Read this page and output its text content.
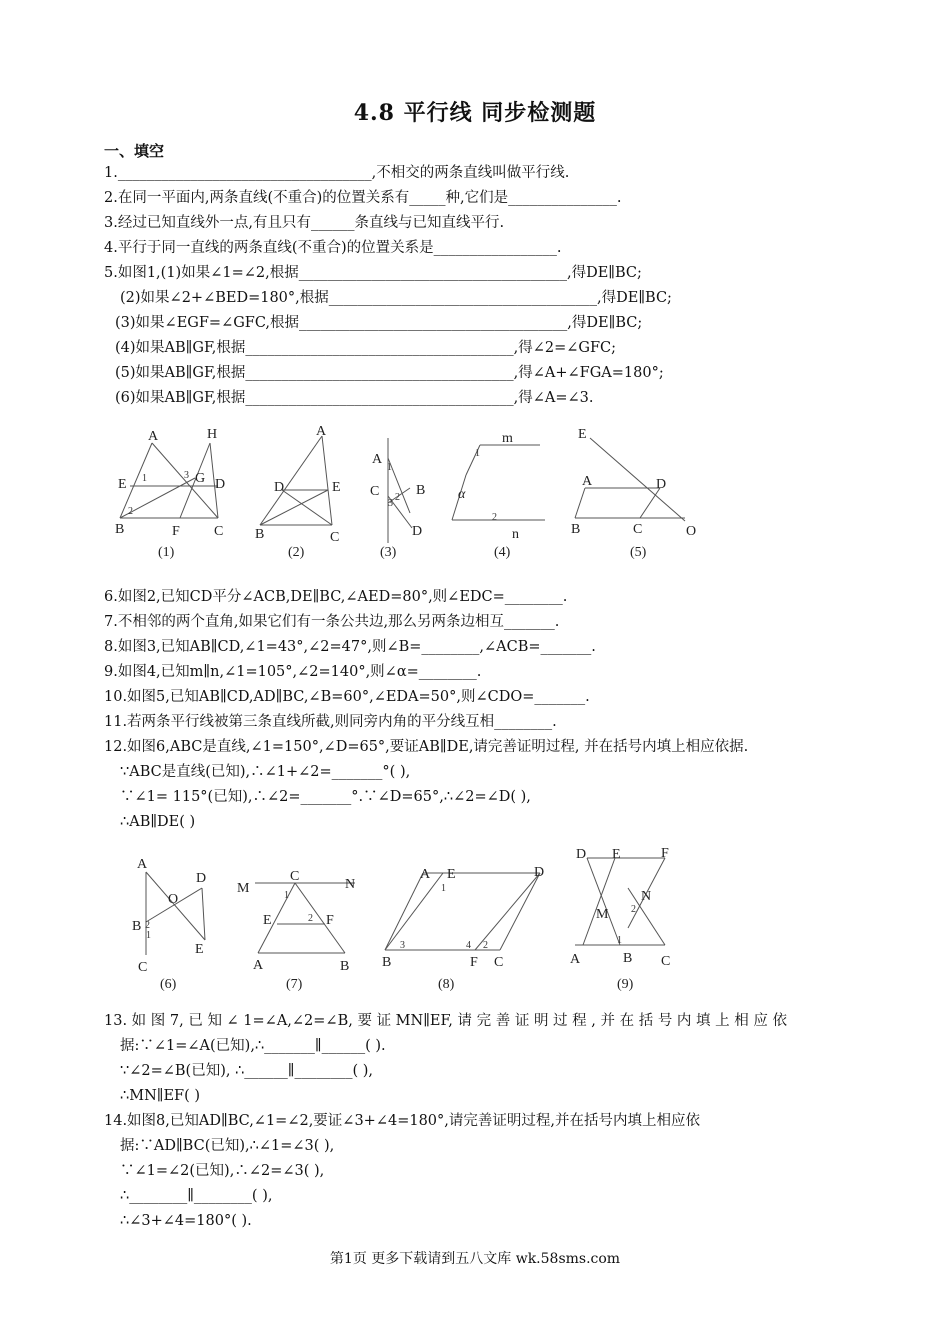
4.8 平行线 同步检测题
一、填空
1.___________________________________,不相交的两条直线叫做平行线.
2.在同一平面内,两条直线(不重合)的位置关系有_____种,它们是_______________.
3.经过已知直线外一点,有且只有______条直线与已知直线平行.
4.平行于同一直线的两条直线(不重合)的位置关系是_________________.
5.如图1,(1)如果∠1=∠2,根据_____________________________________,得DE∥BC;
(2)如果∠2+∠BED=180°,根据_____________________________________,得DE∥BC;
(3)如果∠EGF=∠GFC,根据_____________________________________,得DE∥BC;
(4)如果AB∥GF,根据_____________________________________,得∠2=∠GFC;
(5)如果AB∥GF,根据_____________________________________,得∠A+∠FGA=180°;
(6)如果AB∥GF,根据_____________________________________,得∠A=∠3.
A	H
E	G D
B	F C
A
D	E
B	C
A
C	B
D
m
n
A	D
B	C	O
E
α
1	3
2
1
2
3
1
2
(1)	(2)	(3)	(4)	(5)
6.如图2,已知CD平分∠ACB,DE∥BC,∠AED=80°,则∠EDC=________.
7.不相邻的两个直角,如果它们有一条公共边,那么另两条边相互_______.
8.如图3,已知AB∥CD,∠1=43°,∠2=47°,则∠B=________,∠ACB=_______.
9.如图4,已知m∥n,∠1=105°,∠2=140°,则∠α=________.
10.如图5,已知AB∥CD,AD∥BC,∠B=60°,∠EDA=50°,则∠CDO=_______.
11.若两条平行线被第三条直线所截,则同旁内角的平分线互相________.
12.如图6,ABC是直线,∠1=150°,∠D=65°,要证AB∥DE,请完善证明过程, 并在括号内填上相应依据.
∵ABC是直线(已知),∴∠1+∠2=_______°( ),
∵∠1= 115°(已知),∴∠2=_______°.∵∠D=65°,∴∠2=∠D( ),
∴AB∥DE( )
A
B
C
D
O
E
M
C
N
E	F
A	B
A E	D
B	F C
D E	F
M
N
A	B C
2
1
1
2
1
3	4 2
2
1
(6)	(7)	(8)	(9)
13. 如 图 7, 已 知 ∠ 1=∠A,∠2=∠B, 要 证 MN∥EF, 请 完 善 证 明 过 程 , 并 在 括 号 内 填 上 相 应 依
据:∵∠1=∠A(已知),∴_______∥______( ).
∵∠2=∠B(已知), ∴______∥________( ),
∴MN∥EF( )
14.如图8,已知AD∥BC,∠1=∠2,要证∠3+∠4=180°,请完善证明过程,并在括号内填上相应依
据:∵AD∥BC(已知),∴∠1=∠3( ),
∵∠1=∠2(已知),∴∠2=∠3( ),
∴________∥________( ),
∴∠3+∠4=180°( ).
第1页 更多下载请到五八文库 wk.58sms.com
